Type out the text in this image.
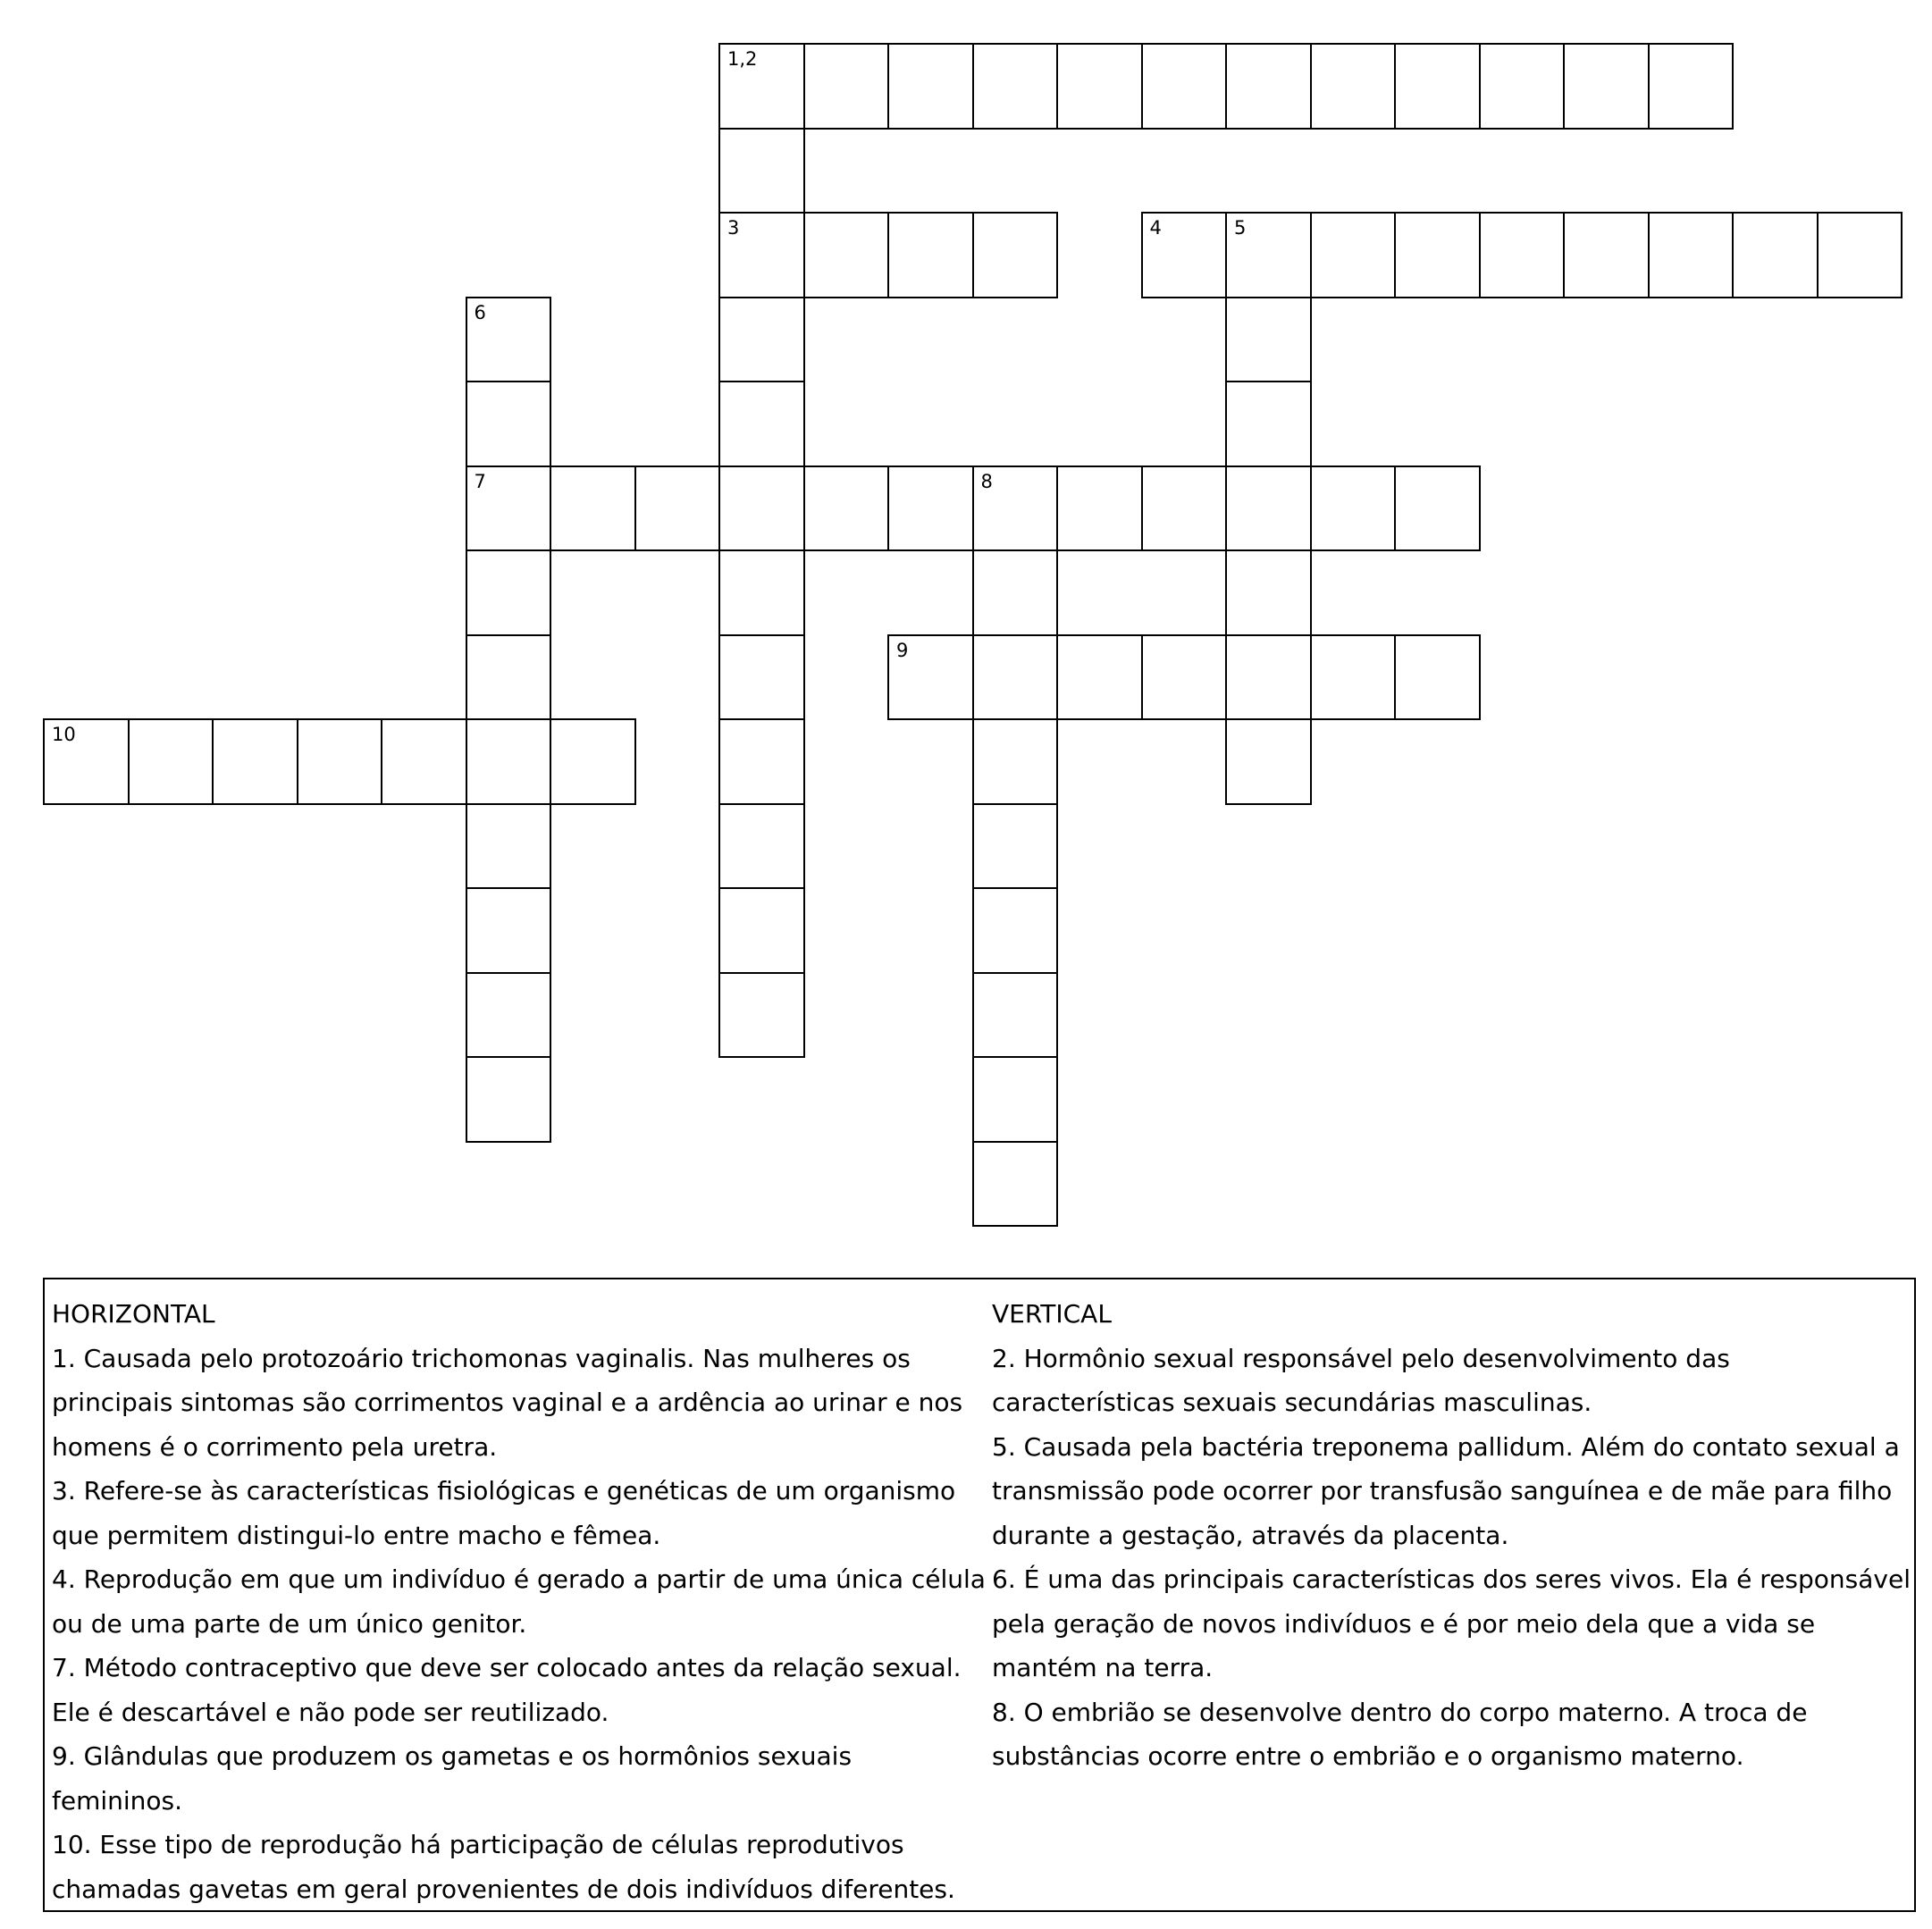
1,2
3	4	5
6
7	8
9
10
HORIZONTAL
1. Causada pelo protozoário trichomonas vaginalis. Nas mulheres os principais sintomas são corrimentos vaginal e a ardência ao urinar e nos homens é o corrimento pela uretra.
3. Refere-se às características fisiológicas e genéticas de um organismo que permitem distingui-lo entre macho e fêmea.
4. Reprodução em que um indivíduo é gerado a partir de uma única célula ou de uma parte de um único genitor.
7. Método contraceptivo que deve ser colocado antes da relação sexual. Ele é descartável e não pode ser reutilizado.
9. Glândulas que produzem os gametas e os hormônios sexuais femininos.
10. Esse tipo de reprodução há participação de células reprodutivos chamadas gavetas em geral provenientes de dois indivíduos diferentes.
VERTICAL
2. Hormônio sexual responsável pelo desenvolvimento das características sexuais secundárias masculinas.
5. Causada pela bactéria treponema pallidum. Além do contato sexual a transmissão pode ocorrer por transfusão sanguínea e de mãe para filho durante a gestação, através da placenta.
6. É uma das principais características dos seres vivos. Ela é responsável pela geração de novos indivíduos e é por meio dela que a vida se mantém na terra.
8. O embrião se desenvolve dentro do corpo materno. A troca de substâncias ocorre entre o embrião e o organismo materno.
